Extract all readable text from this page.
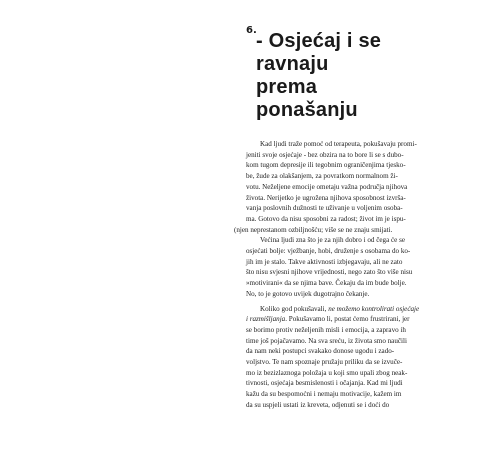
6. - Osjećaj i se
ravnaju
prema
ponašanju
Kad ljudi traže pomoć od terapeuta, pokušavaju promi-
jeniti svoje osjećaje - bez obzira na to bore li se s dubo-
kom tugom depresije ili tegobnim ograničenjima tjesko-
be, žude za olakšanjem, za povratkom normalnom ži-
votu. Neželjene emocije ometaju važna područja njihova
života. Nerijetko je ugrožena njihova sposobnost izvrša-
vanja poslovnih dužnosti te uživanje u voljenim osoba-
ma. Gotovo da nisu sposobni za radost; život im je ispu-
(njen neprestanom ozbiljnošću; više se ne znaju smijati.
Većina ljudi zna što je za njih dobro i od čega će se
osjećati bolje: vježbanje, hobi, druženje s osobama do ko-
jih im je stalo. Takve aktivnosti izbjegavaju, ali ne zato
što nisu svjesni njihove vrijednosti, nego zato što više nisu
»motivirani« da se njima bave. Čekaju da im bude bolje.
No, to je gotovo uvijek dugotrajno čekanje.
Koliko god pokušavali, ne možemo kontrolirati osjećaje
i razmišljanja. Pokušavamo li, postat ćemo frustrirani, jer
se borimo protiv neželjenih misli i emocija, a zapravo ih
time još pojačavamo. Na sva sreću, iz života smo naučili
da nam neki postupci svakako donose ugodu i zado-
voljstvo. Te nam spoznaje pružaju priliku da se izvuče-
mo iz bezizlaznoga položaja u koji smo upali zbog neak-
tivnosti, osjećaja besmislenosti i očajanja. Kad mi ljudi
kažu da su bespomoćni i nemaju motivacije, kažem im
da su uspjeli ustati iz kreveta, odjenuti se i doći do
